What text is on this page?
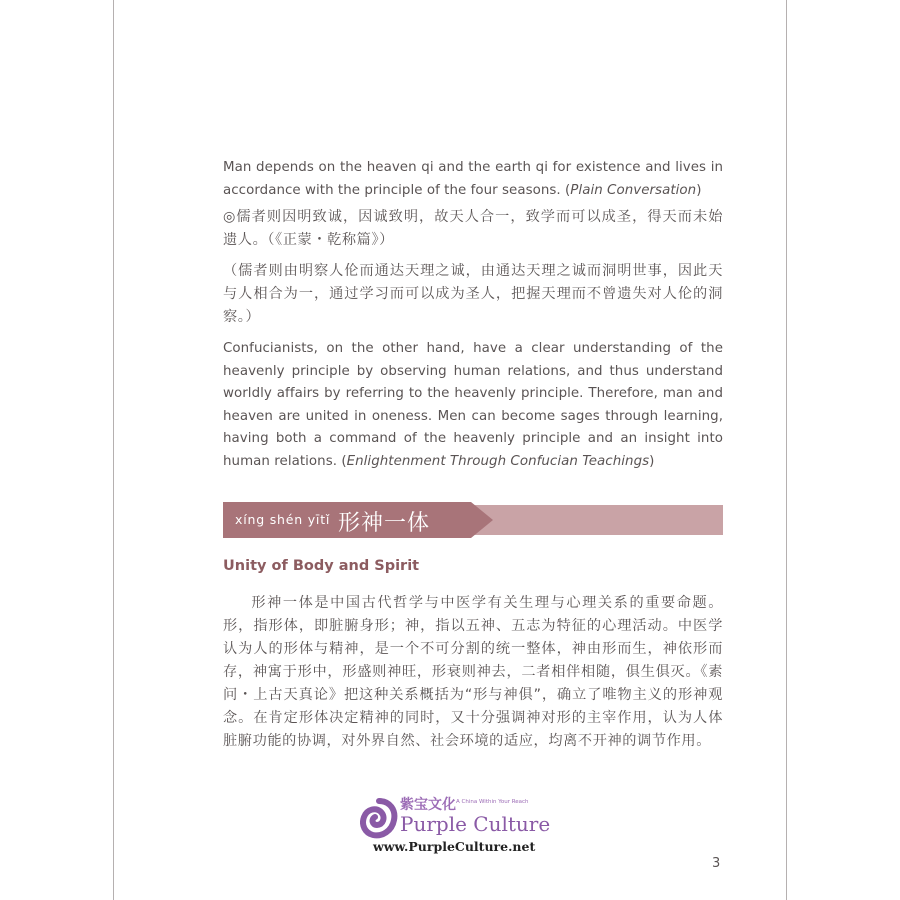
Man depends on the heaven qi and the earth qi for existence and lives in accordance with the principle of the four seasons. (Plain Conversation)

◎儒者则因明致诚，因诚致明，故天人合一，致学而可以成圣，得天而未始遗人。（《正蒙・乾称篇》）

（儒者则由明察人伦而通达天理之诚，由通达天理之诚而洞明世事，因此天与人相合为一，通过学习而可以成为圣人，把握天理而不曾遗失对人伦的洞察。）

Confucianists, on the other hand, have a clear understanding of the heavenly principle by observing human relations, and thus understand worldly affairs by referring to the heavenly principle. Therefore, man and heaven are united in oneness. Men can become sages through learning, having both a command of the heavenly principle and an insight into human relations. (Enlightenment Through Confucian Teachings)

xíng shén yītǐ 形神一体

Unity of Body and Spirit

形神一体是中国古代哲学与中医学有关生理与心理关系的重要命题。形，指形体，即脏腑身形；神，指以五神、五志为特征的心理活动。中医学认为人的形体与精神，是一个不可分割的统一整体，神由形而生，神依形而存，神寓于形中，形盛则神旺，形衰则神去，二者相伴相随，俱生俱灭。《素问・上古天真论》把这种关系概括为“形与神俱”，确立了唯物主义的形神观念。在肯定形体决定精神的同时，又十分强调神对形的主宰作用，认为人体脏腑功能的协调，对外界自然、社会环境的适应，均离不开神的调节作用。

紫宝文化 A China Within Your Reach
Purple Culture
www.PurpleCulture.net
3
